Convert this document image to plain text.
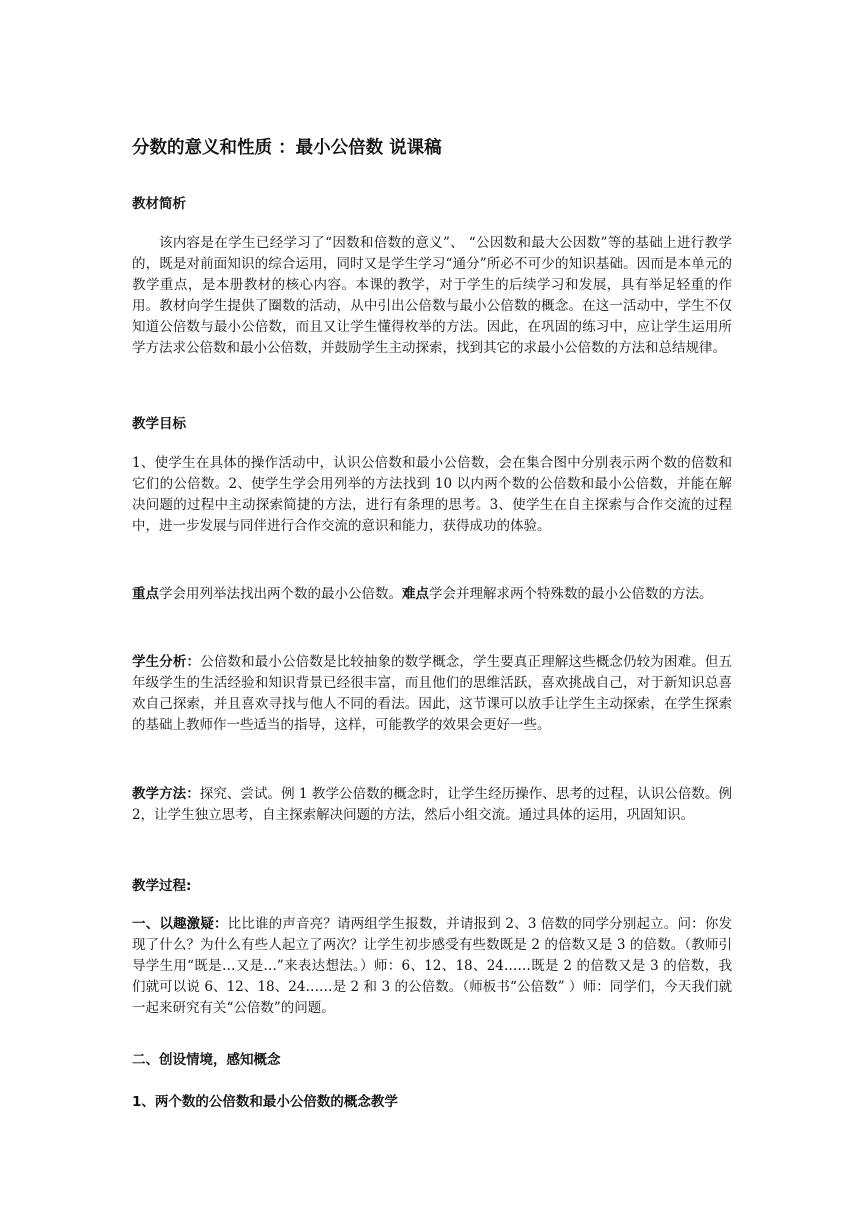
分数的意义和性质 ：最小公倍数 说课稿
教材简析

该内容是在学生已经学习了“因数和倍数的意义”、 “公因数和最大公因数”等的基础上进行教学的，既是对前面知识的综合运用，同时又是学生学习“通分”所必不可少的知识基础。因而是本单元的教学重点，是本册教材的核心内容。本课的教学，对于学生的后续学习和发展，具有举足轻重的作用。教材向学生提供了圈数的活动，从中引出公倍数与最小公倍数的概念。在这一活动中，学生不仅知道公倍数与最小公倍数，而且又让学生懂得枚举的方法。因此，在巩固的练习中，应让学生运用所学方法求公倍数和最小公倍数，并鼓励学生主动探索，找到其它的求最小公倍数的方法和总结规律。

教学目标

1、使学生在具体的操作活动中，认识公倍数和最小公倍数，会在集合图中分别表示两个数的倍数和它们的公倍数。2、使学生学会用列举的方法找到 10 以内两个数的公倍数和最小公倍数，并能在解决问题的过程中主动探索简捷的方法，进行有条理的思考。3、使学生在自主探索与合作交流的过程中，进一步发展与同伴进行合作交流的意识和能力，获得成功的体验。

重点学会用列举法找出两个数的最小公倍数。难点学会并理解求两个特殊数的最小公倍数的方法。

学生分析：公倍数和最小公倍数是比较抽象的数学概念，学生要真正理解这些概念仍较为困难。但五年级学生的生活经验和知识背景已经很丰富，而且他们的思维活跃，喜欢挑战自己，对于新知识总喜欢自己探索，并且喜欢寻找与他人不同的看法。因此，这节课可以放手让学生主动探索，在学生探索的基础上教师作一些适当的指导，这样，可能教学的效果会更好一些。

教学方法：探究、尝试。例 1 教学公倍数的概念时，让学生经历操作、思考的过程，认识公倍数。例 2，让学生独立思考，自主探索解决问题的方法，然后小组交流。通过具体的运用，巩固知识。

教学过程:

一、以趣激疑：比比谁的声音亮？请两组学生报数，并请报到 2、3 倍数的同学分别起立。问：你发现了什么？为什么有些人起立了两次？让学生初步感受有些数既是 2 的倍数又是 3 的倍数。（教师引导学生用“既是…又是…”来表达想法。）师：6、12、18、24……既是 2 的倍数又是 3 的倍数，我们就可以说 6、12、18、24……是 2 和 3 的公倍数。（师板书“公倍数” ）师：同学们，今天我们就一起来研究有关“公倍数”的问题。

二、创设情境，感知概念
1、两个数的公倍数和最小公倍数的概念教学
